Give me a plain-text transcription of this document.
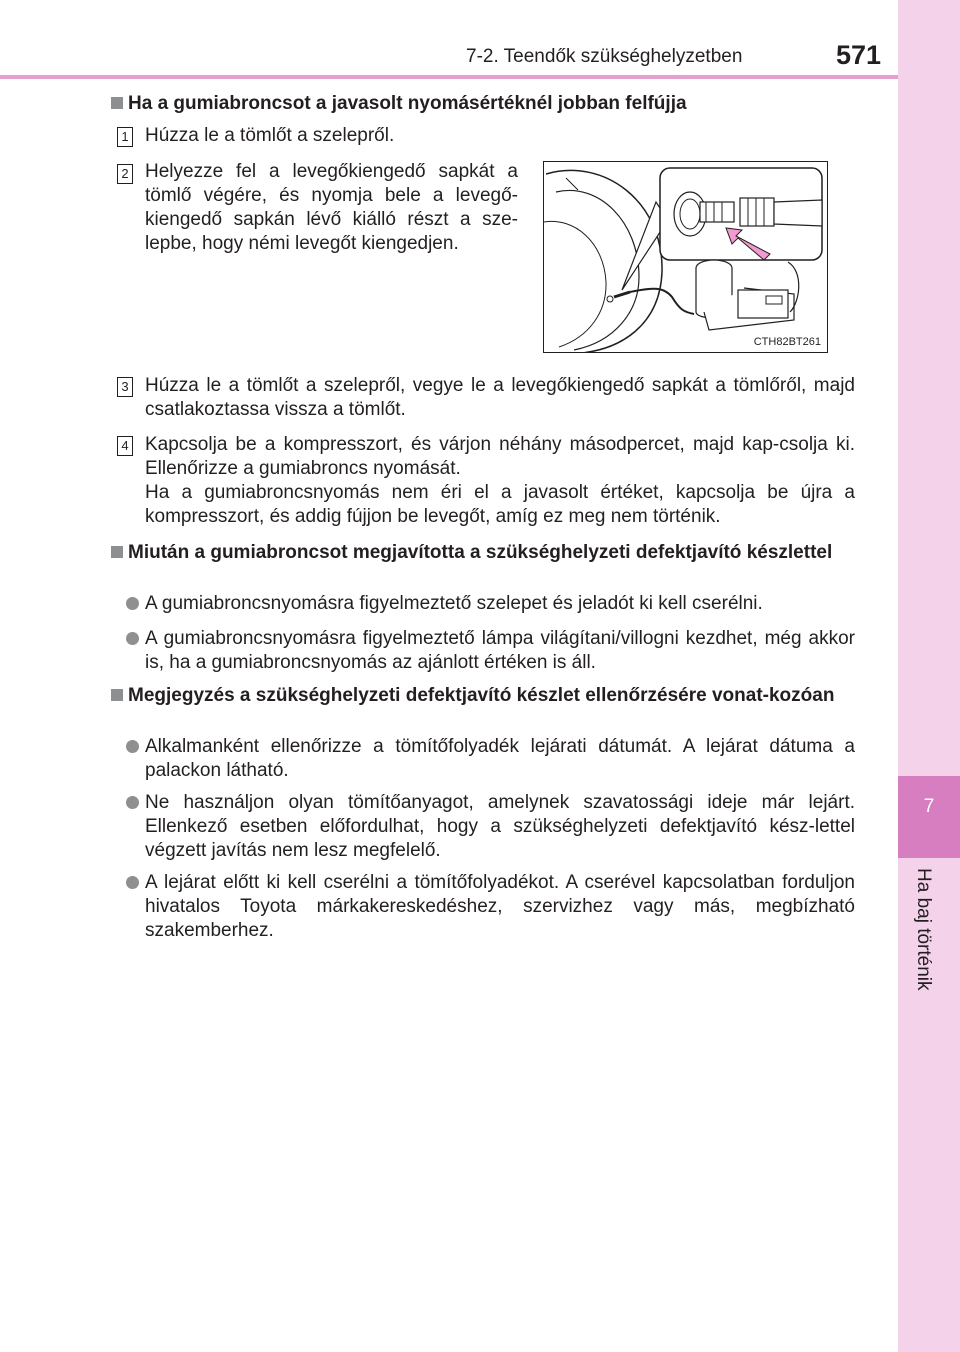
7-2. Teendők szükséghelyzetben	571
7
Ha baj történik
Ha a gumiabroncsot a javasolt nyomásértéknél jobban felfújja
1 Húzza le a tömlőt a szelepről.
2 Helyezze fel a levegőkiengedő sapkát a tömlő végére, és nyomja bele a levegő-kiengedő sapkán lévő kiálló részt a sze-lepbe, hogy némi levegőt kiengedjen.
CTH82BT261
3 Húzza le a tömlőt a szelepről, vegye le a levegőkiengedő sapkát a tömlőről, majd csatlakoztassa vissza a tömlőt.
4 Kapcsolja be a kompresszort, és várjon néhány másodpercet, majd kap-csolja ki. Ellenőrizze a gumiabroncs nyomását.
Ha a gumiabroncsnyomás nem éri el a javasolt értéket, kapcsolja be újra a kompresszort, és addig fújjon be levegőt, amíg ez meg nem történik.
Miután a gumiabroncsot megjavította a szükséghelyzeti defektjavító készlettel
A gumiabroncsnyomásra figyelmeztető szelepet és jeladót ki kell cserélni.
A gumiabroncsnyomásra figyelmeztető lámpa világítani/villogni kezdhet, még akkor is, ha a gumiabroncsnyomás az ajánlott értéken is áll.
Megjegyzés a szükséghelyzeti defektjavító készlet ellenőrzésére vonat-kozóan
Alkalmanként ellenőrizze a tömítőfolyadék lejárati dátumát. A lejárat dátuma a palackon látható.
Ne használjon olyan tömítőanyagot, amelynek szavatossági ideje már lejárt. Ellenkező esetben előfordulhat, hogy a szükséghelyzeti defektjavító kész-lettel végzett javítás nem lesz megfelelő.
A lejárat előtt ki kell cserélni a tömítőfolyadékot. A cserével kapcsolatban forduljon hivatalos Toyota márkakereskedéshez, szervizhez vagy más, megbízható szakemberhez.
